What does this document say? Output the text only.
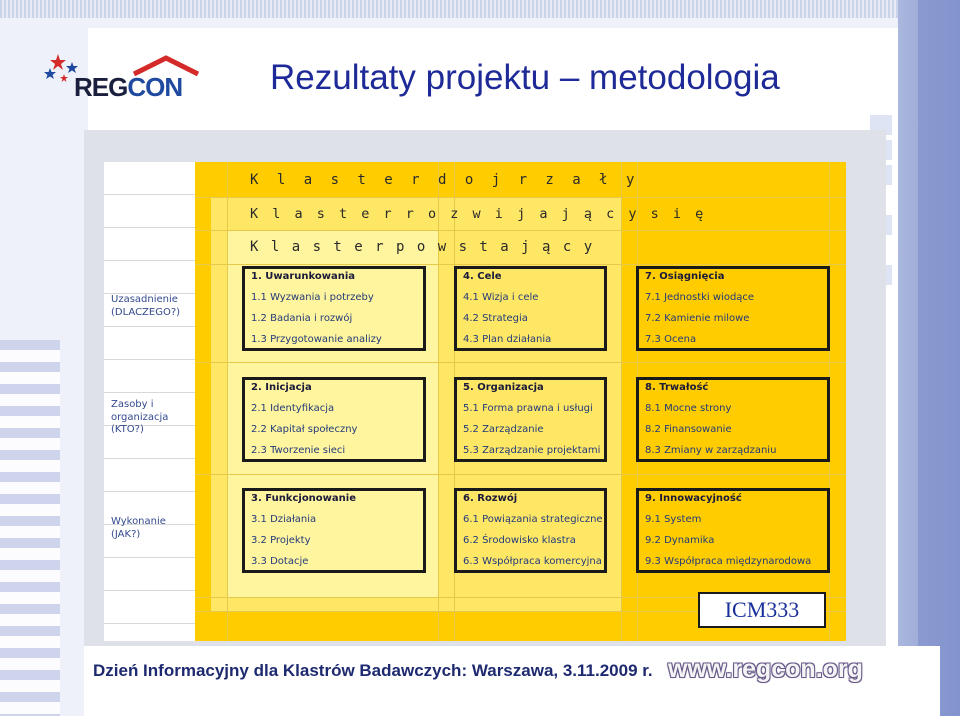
REGCON	Rezultaty projektu – metodologia
K l a s t e r d o j r z a ł y
K l a s t e r r o z w i j a j ą c y s i ę
K l a s t e r p o w s t a j ą c y
Uzasadnienie
(DLACZEGO?)
Zasoby i
organizacja
(KTO?)
Wykonanie
(JAK?)
1. Uwarunkowania
1.1 Wyzwania i potrzeby
1.2 Badania i rozwój
1.3 Przygotowanie analizy
4. Cele
4.1 Wizja i cele
4.2 Strategia
4.3 Plan działania
7. Osiągnięcia
7.1 Jednostki wiodące
7.2 Kamienie milowe
7.3 Ocena
2. Inicjacja
2.1 Identyfikacja
2.2 Kapitał społeczny
2.3 Tworzenie sieci
5. Organizacja
5.1 Forma prawna i usługi
5.2 Zarządzanie
5.3 Zarządzanie projektami
8. Trwałość
8.1 Mocne strony
8.2 Finansowanie
8.3 Zmiany w zarządzaniu
3. Funkcjonowanie
3.1 Działania
3.2 Projekty
3.3 Dotacje
6. Rozwój
6.1 Powiązania strategiczne
6.2 Środowisko klastra
6.3 Współpraca komercyjna
9. Innowacyjność
9.1 System
9.2 Dynamika
9.3 Współpraca międzynarodowa
ICM333
Dzień Informacyjny dla Klastrów Badawczych: Warszawa, 3.11.2009 r. www.regcon.org
